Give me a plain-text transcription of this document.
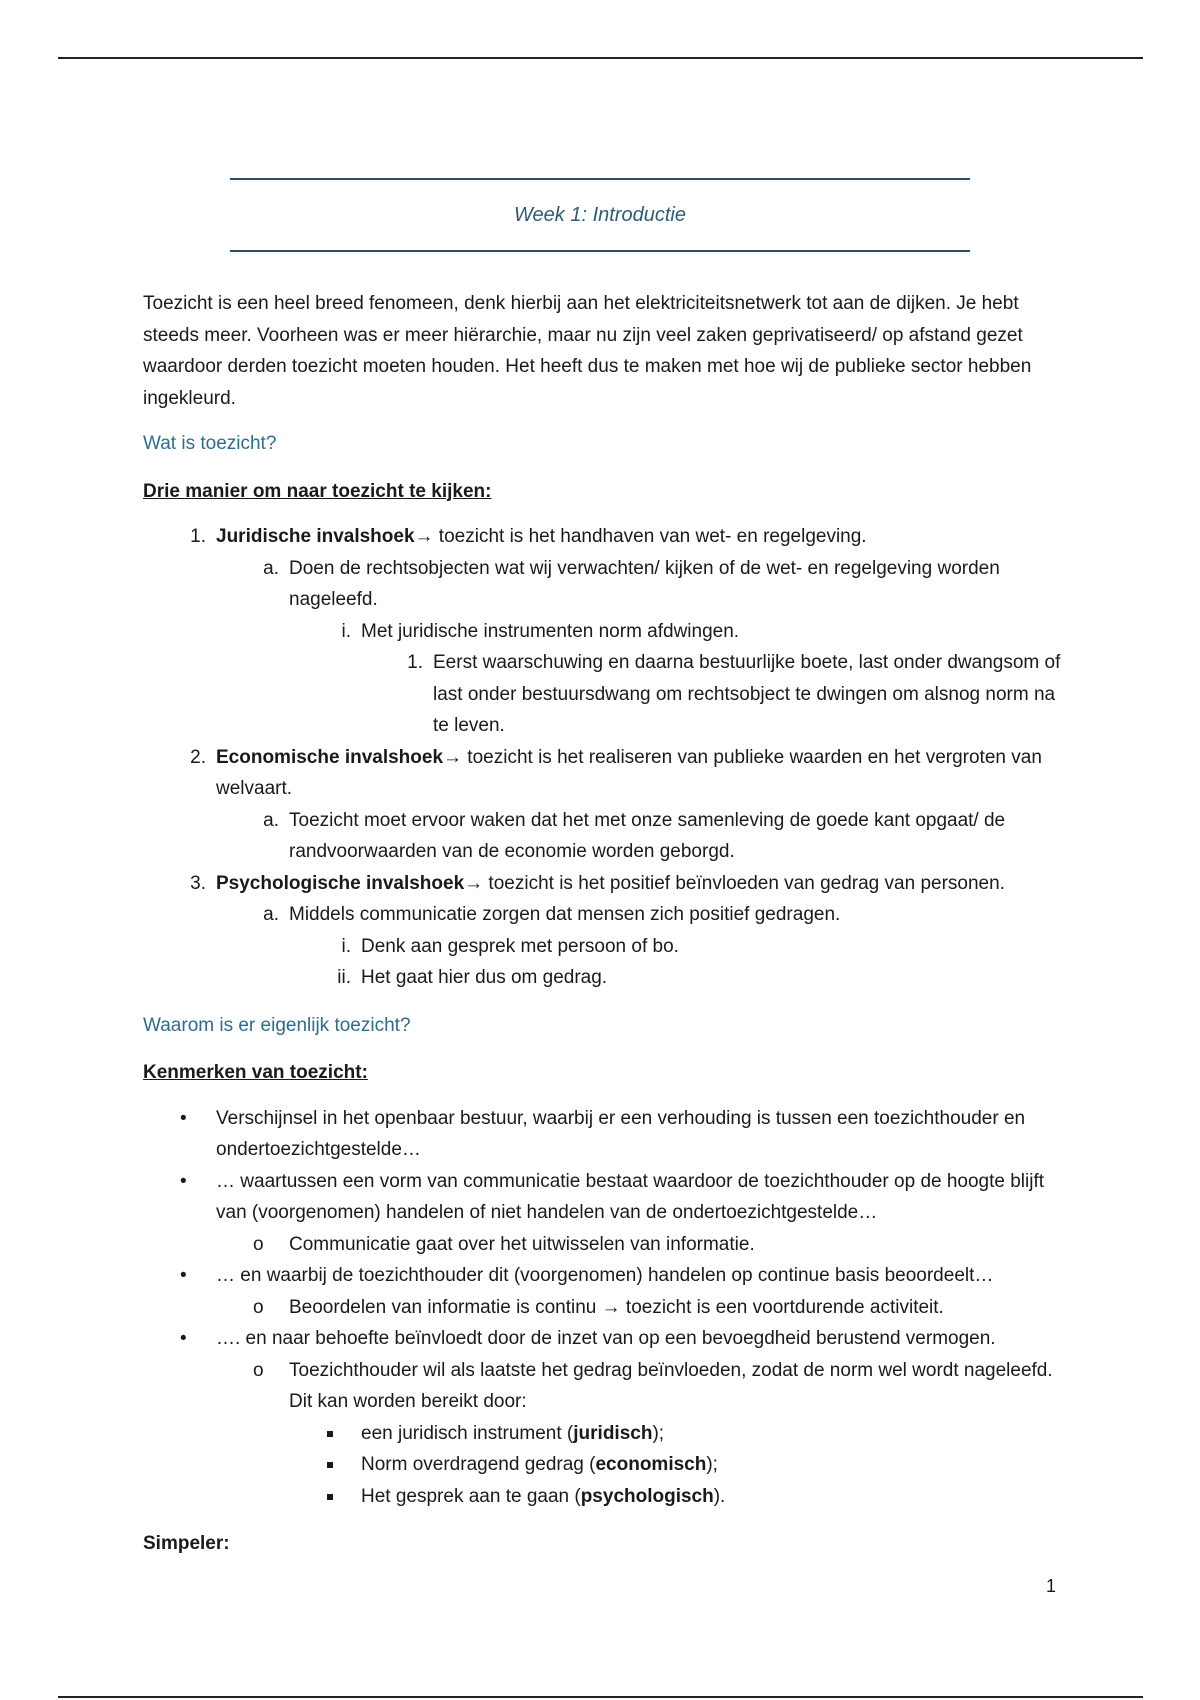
Week 1: Introductie

Toezicht is een heel breed fenomeen, denk hierbij aan het elektriciteitsnetwerk tot aan de dijken. Je hebt steeds meer. Voorheen was er meer hiërarchie, maar nu zijn veel zaken geprivatiseerd/ op afstand gezet waardoor derden toezicht moeten houden. Het heeft dus te maken met hoe wij de publieke sector hebben ingekleurd.

Wat is toezicht?

Drie manier om naar toezicht te kijken:

1. Juridische invalshoek→ toezicht is het handhaven van wet- en regelgeving.
a. Doen de rechtsobjecten wat wij verwachten/ kijken of de wet- en regelgeving worden nageleefd.
i. Met juridische instrumenten norm afdwingen.
1. Eerst waarschuwing en daarna bestuurlijke boete, last onder dwangsom of last onder bestuursdwang om rechtsobject te dwingen om alsnog norm na te leven.
2. Economische invalshoek→ toezicht is het realiseren van publieke waarden en het vergroten van welvaart.
a. Toezicht moet ervoor waken dat het met onze samenleving de goede kant opgaat/ de randvoorwaarden van de economie worden geborgd.
3. Psychologische invalshoek→ toezicht is het positief beïnvloeden van gedrag van personen.
a. Middels communicatie zorgen dat mensen zich positief gedragen.
i. Denk aan gesprek met persoon of bo.
ii. Het gaat hier dus om gedrag.

Waarom is er eigenlijk toezicht?

Kenmerken van toezicht:

• Verschijnsel in het openbaar bestuur, waarbij er een verhouding is tussen een toezichthouder en ondertoezichtgestelde…
• … waartussen een vorm van communicatie bestaat waardoor de toezichthouder op de hoogte blijft van (voorgenomen) handelen of niet handelen van de ondertoezichtgestelde…
o Communicatie gaat over het uitwisselen van informatie.
• … en waarbij de toezichthouder dit (voorgenomen) handelen op continue basis beoordeelt…
o Beoordelen van informatie is continu → toezicht is een voortdurende activiteit.
• …. en naar behoefte beïnvloedt door de inzet van op een bevoegdheid berustend vermogen.
o Toezichthouder wil als laatste het gedrag beïnvloeden, zodat de norm wel wordt nageleefd. Dit kan worden bereikt door:
een juridisch instrument (juridisch);
Norm overdragend gedrag (economisch);
Het gesprek aan te gaan (psychologisch).

Simpeler:

1
